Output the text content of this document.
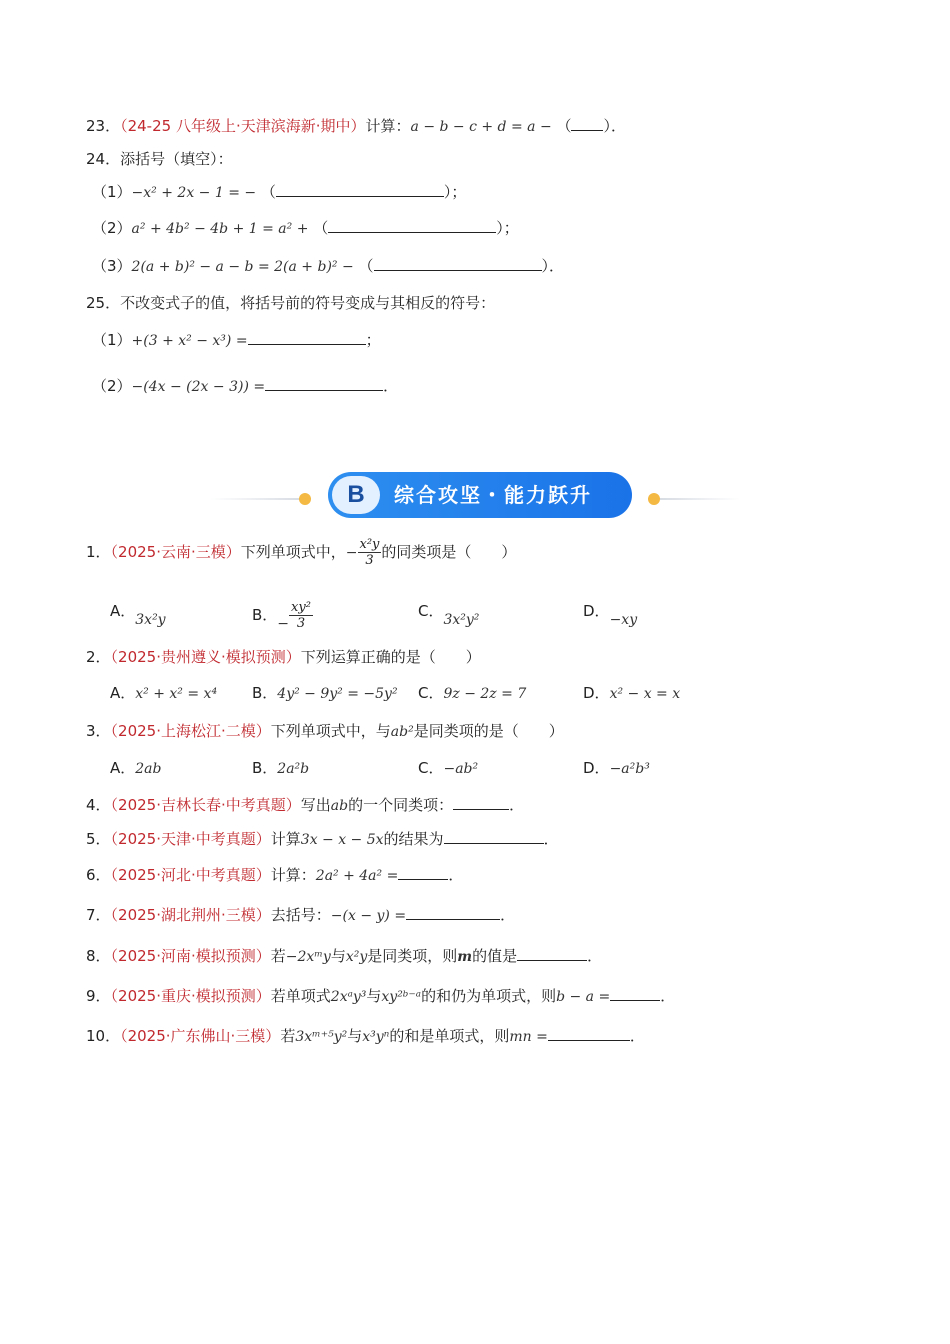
23．（24-25 八年级上·天津滨海新·期中）计算：a − b − c + d = a − （ ）．
24．添括号（填空）：
（1）−x² + 2x − 1 = − （	）；
（2）a² + 4b² − 4b + 1 = a² + （	）；
（3）2(a + b)² − a − b = 2(a + b)² − （	）．
25．不改变式子的值，将括号前的符号变成与其相反的符号：
（1）+(3 + x² − x³) =	；
（2）−(4x − (2x − 3)) =	．
B	综合攻坚・能力跃升
1．（2025·云南·三模）下列单项式中，− $\frac{\text{x²y}}{3}$ 的同类项是（　　）
A．3x²y	B．− $\frac{\text{xy²}}{3}$	C．3x²y²	D．−xy
2．（2025·贵州遵义·模拟预测）下列运算正确的是（　　）
A．x² + x² = x⁴ B．4y² − 9y² = −5y² C．9z − 2z = 7	D．x² − x = x
3．（2025·上海松江·二模）下列单项式中，与ab²是同类项的是（　　）
A．2ab	B．2a²b	C．−ab²	D．−a²b³
4．（2025·吉林长春·中考真题）写出ab的一个同类项：	．
5．（2025·天津·中考真题）计算3x − x − 5x的结果为	．
6．（2025·河北·中考真题）计算：2a² + 4a² =	．
7．（2025·湖北荆州·三模）去括号：−(x − y) =	．
8．（2025·河南·模拟预测）若−2xᵐy与x²y是同类项，则m的值是	．
9．（2025·重庆·模拟预测）若单项式2xᵃy³与xy²ᵇ⁻ᵃ的和仍为单项式，则b − a =	．
10．（2025·广东佛山·三模）若3xᵐ⁺⁵y²与x³yⁿ的和是单项式，则mn =	．
